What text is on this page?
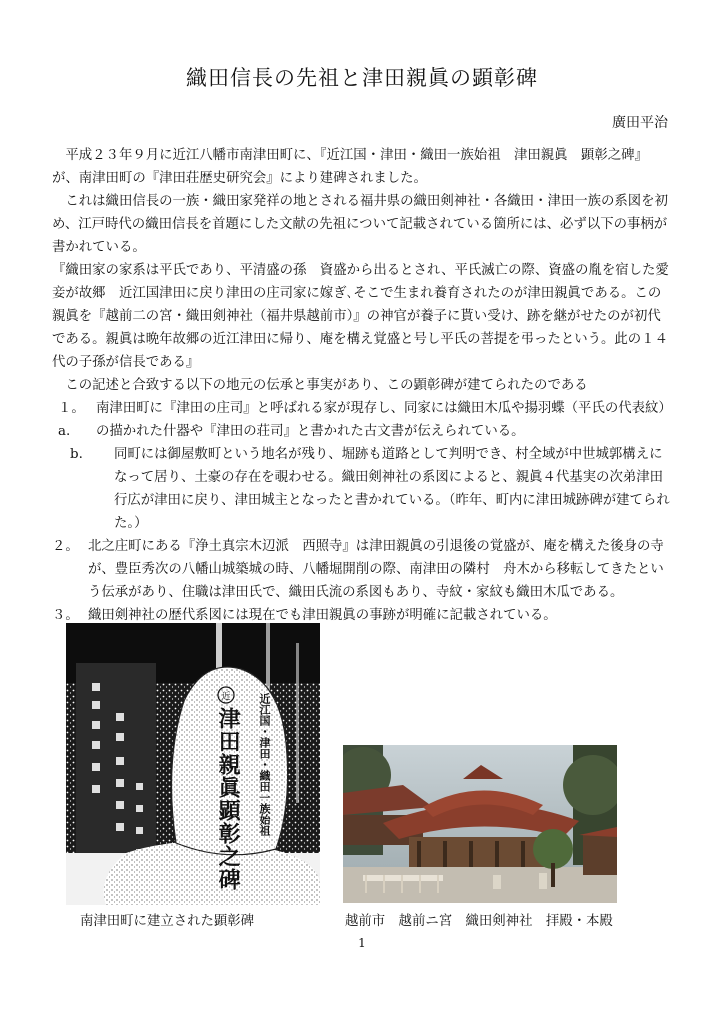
織田信長の先祖と津田親眞の顕彰碑
廣田平治

平成２３年９月に近江八幡市南津田町に、『近江国・津田・織田一族始祖　津田親眞　顕彰之碑』が、南津田町の『津田荘歴史研究会』により建碑されました。

これは織田信長の一族・織田家発祥の地とされる福井県の織田剣神社・各織田・津田一族の系図を初め、江戸時代の織田信長を首題にした文献の先祖について記載されている箇所には、必ず以下の事柄が書かれている。

『織田家の家系は平氏であり、平清盛の孫　資盛から出るとされ、平氏滅亡の際、資盛の胤を宿した愛妾が故郷　近江国津田に戻り津田の庄司家に嫁ぎ､そこで生まれ養育されたのが津田親眞である。この親眞を『越前二の宮・織田剣神社（福井県越前市）』の神官が養子に貰い受け、跡を継がせたのが初代である。親眞は晩年故郷の近江津田に帰り、庵を構え覚盛と号し平氏の菩提を弔ったという。此の１４代の子孫が信長である』

この記述と合致する以下の地元の伝承と事実があり、この顕彰碑が建てられたのである

１。a.
南津田町に『津田の庄司』と呼ばれる家が現存し、同家には織田木瓜や揚羽蝶（平氏の代表紋）の描かれた什器や『津田の荘司』と書かれた古文書が伝えられている。
b.	同町には御屋敷町という地名が残り、堀跡も道路として判明でき、村全域が中世城郭構えになって居り、土豪の存在を覗わせる。織田剣神社の系図によると、親眞４代基実の次弟津田行広が津田に戻り、津田城主となったと書かれている。（昨年、町内に津田城跡碑が建てられた。）
２。 北之庄町にある『浄土真宗木辺派　西照寺』は津田親眞の引退後の覚盛が、庵を構えた後身の寺が、豊臣秀次の八幡山城築城の時、八幡堀開削の際、南津田の隣村　舟木から移転してきたという伝承があり、住職は津田氏で、織田氏流の系図もあり、寺紋・家紋も織田木瓜である。
３。 織田剣神社の歴代系図には現在でも津田親眞の事跡が明確に記載されている。
近 近江国・津田・織田一族始祖
津田親眞顕彰之碑
南津田町に建立された顕彰碑	越前市　越前ニ宮　織田剣神社　拝殿・本殿
1
